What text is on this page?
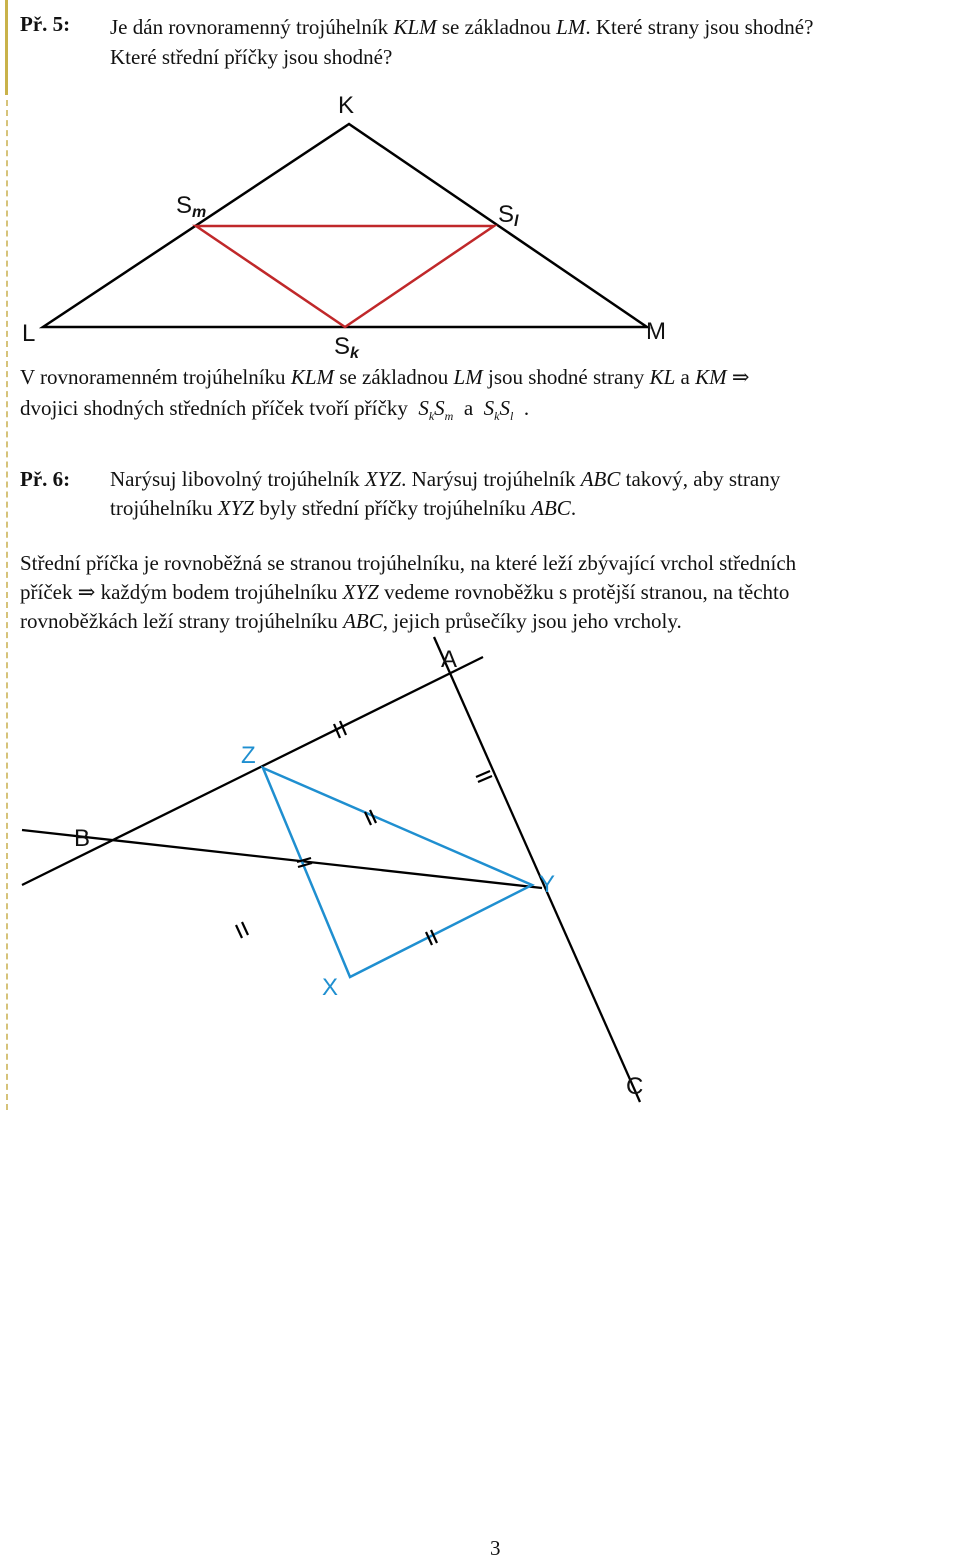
Př. 5: Je dán rovnoramenný trojúhelník KLM se základnou LM. Které strany jsou shodné?
Které střední příčky jsou shodné?
K
L	M
Sm	Sl
Sk
V rovnoramenném trojúhelníku KLM se základnou LM jsou shodné strany KL a KM ⇒
dvojici shodných středních příček tvoří příčky $S_kS_m$ a $S_kS_l$ .
Př. 6: Narýsuj libovolný trojúhelník XYZ. Narýsuj trojúhelník ABC takový, aby strany
trojúhelníku XYZ byly střední příčky trojúhelníku ABC.
Střední příčka je rovnoběžná se stranou trojúhelníku, na které leží zbývající vrchol středních
příček ⇒ každým bodem trojúhelníku XYZ vedeme rovnoběžku s protější stranou, na těchto
rovnoběžkách leží strany trojúhelníku ABC, jejich průsečíky jsou jeho vrcholy.
A
B
C
X
Y
Z
3
